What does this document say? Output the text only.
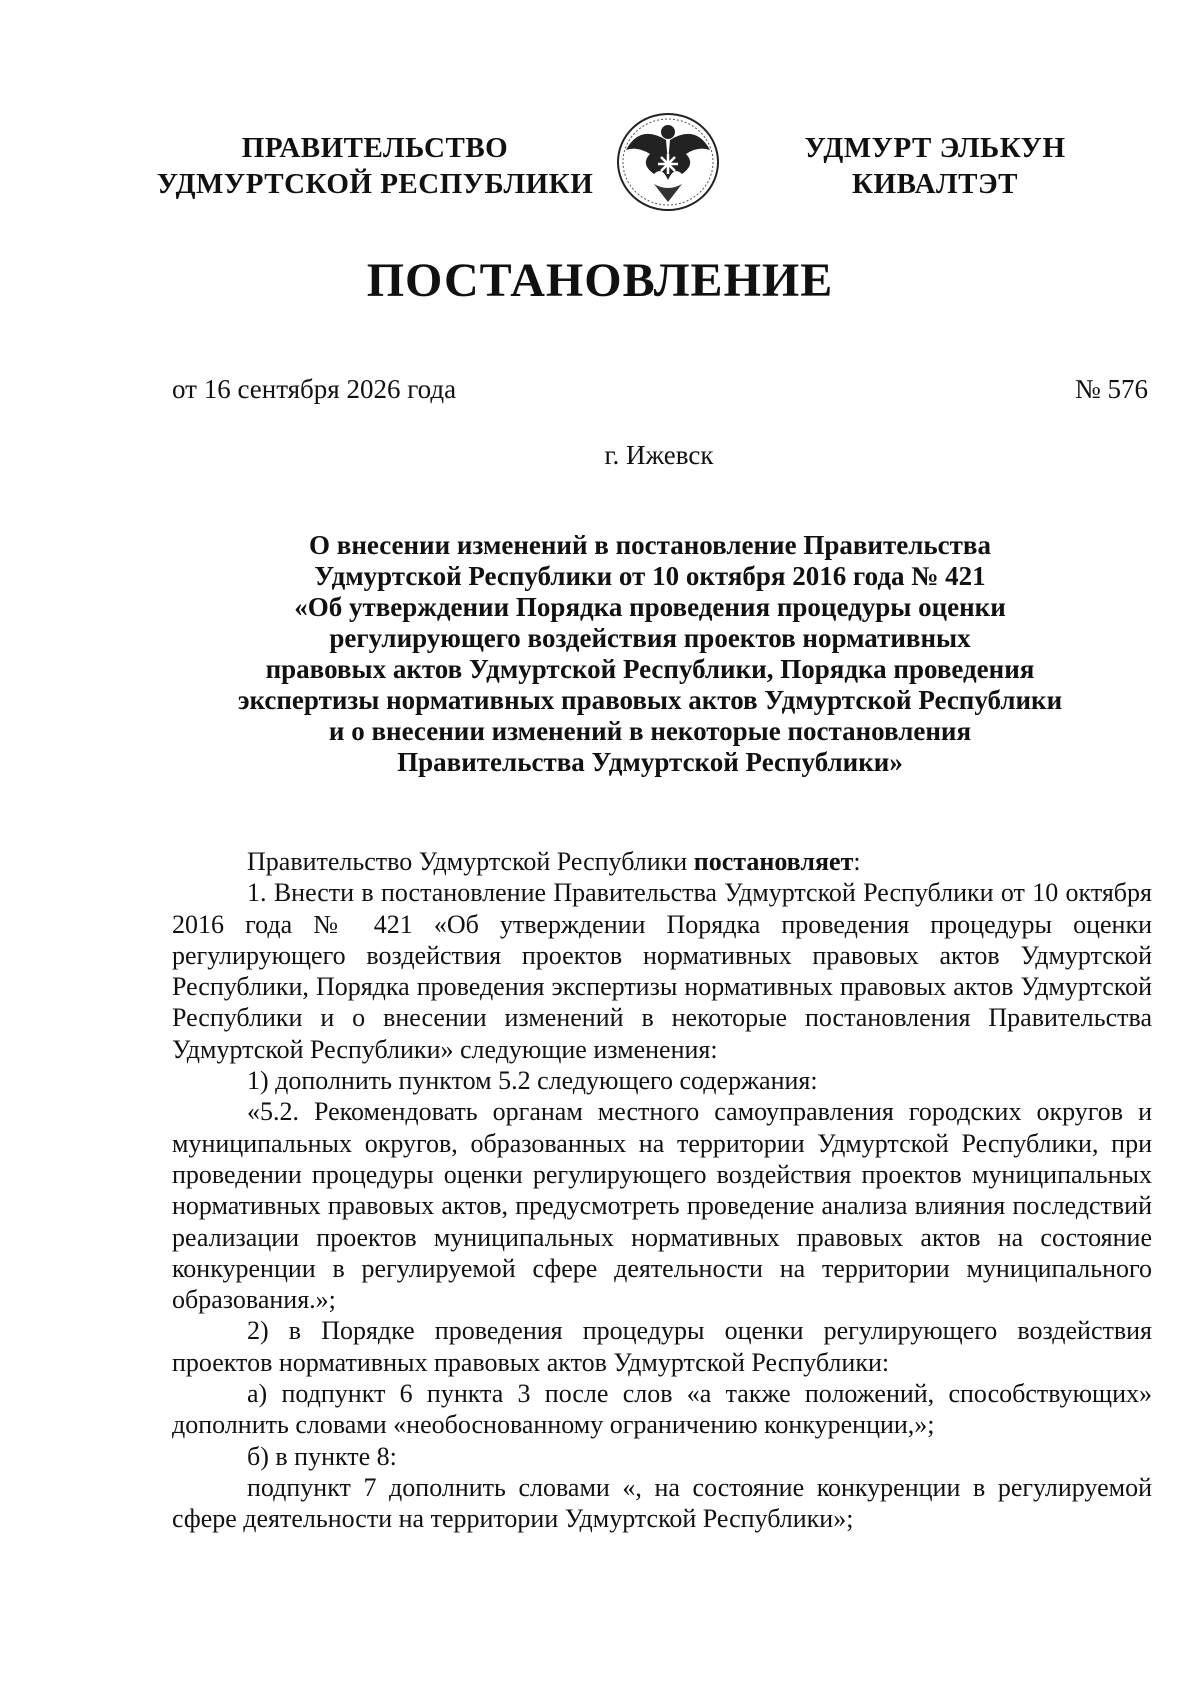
ПРАВИТЕЛЬСТВО
УДМУРТСКОЙ РЕСПУБЛИКИ
УДМУРТ ЭЛЬКУН
КИВАЛТЭТ
ПОСТАНОВЛЕНИЕ
от 16 сентября 2026 года	№ 576
г. Ижевск
О внесении изменений в постановление Правительства
Удмуртской Республики от 10 октября 2016 года № 421
«Об утверждении Порядка проведения процедуры оценки
регулирующего воздействия проектов нормативных
правовых актов Удмуртской Республики, Порядка проведения
экспертизы нормативных правовых актов Удмуртской Республики
и о внесении изменений в некоторые постановления
Правительства Удмуртской Республики»

Правительство Удмуртской Республики постановляет:

1. Внести в постановление Правительства Удмуртской Республики от 10 октября 2016 года № 421 «Об утверждении Порядка проведения процедуры оценки регулирующего воздействия проектов нормативных правовых актов Удмуртской Республики, Порядка проведения экспертизы нормативных правовых актов Удмуртской Республики и о внесении изменений в некоторые постановления Правительства Удмуртской Республики» следующие изменения:

1) дополнить пунктом 5.2 следующего содержания:

«5.2. Рекомендовать органам местного самоуправления городских округов и муниципальных округов, образованных на территории Удмуртской Республики, при проведении процедуры оценки регулирующего воздействия проектов муниципальных нормативных правовых актов, предусмотреть проведение анализа влияния последствий реализации проектов муниципальных нормативных правовых актов на состояние конкуренции в регулируемой сфере деятельности на территории муниципального образования.»;

2) в Порядке проведения процедуры оценки регулирующего воздействия проектов нормативных правовых актов Удмуртской Республики:

а) подпункт 6 пункта 3 после слов «а также положений, способствующих» дополнить словами «необоснованному ограничению конкуренции,»;

б) в пункте 8:

подпункт 7 дополнить словами «, на состояние конкуренции в регулируемой сфере деятельности на территории Удмуртской Республики»;
